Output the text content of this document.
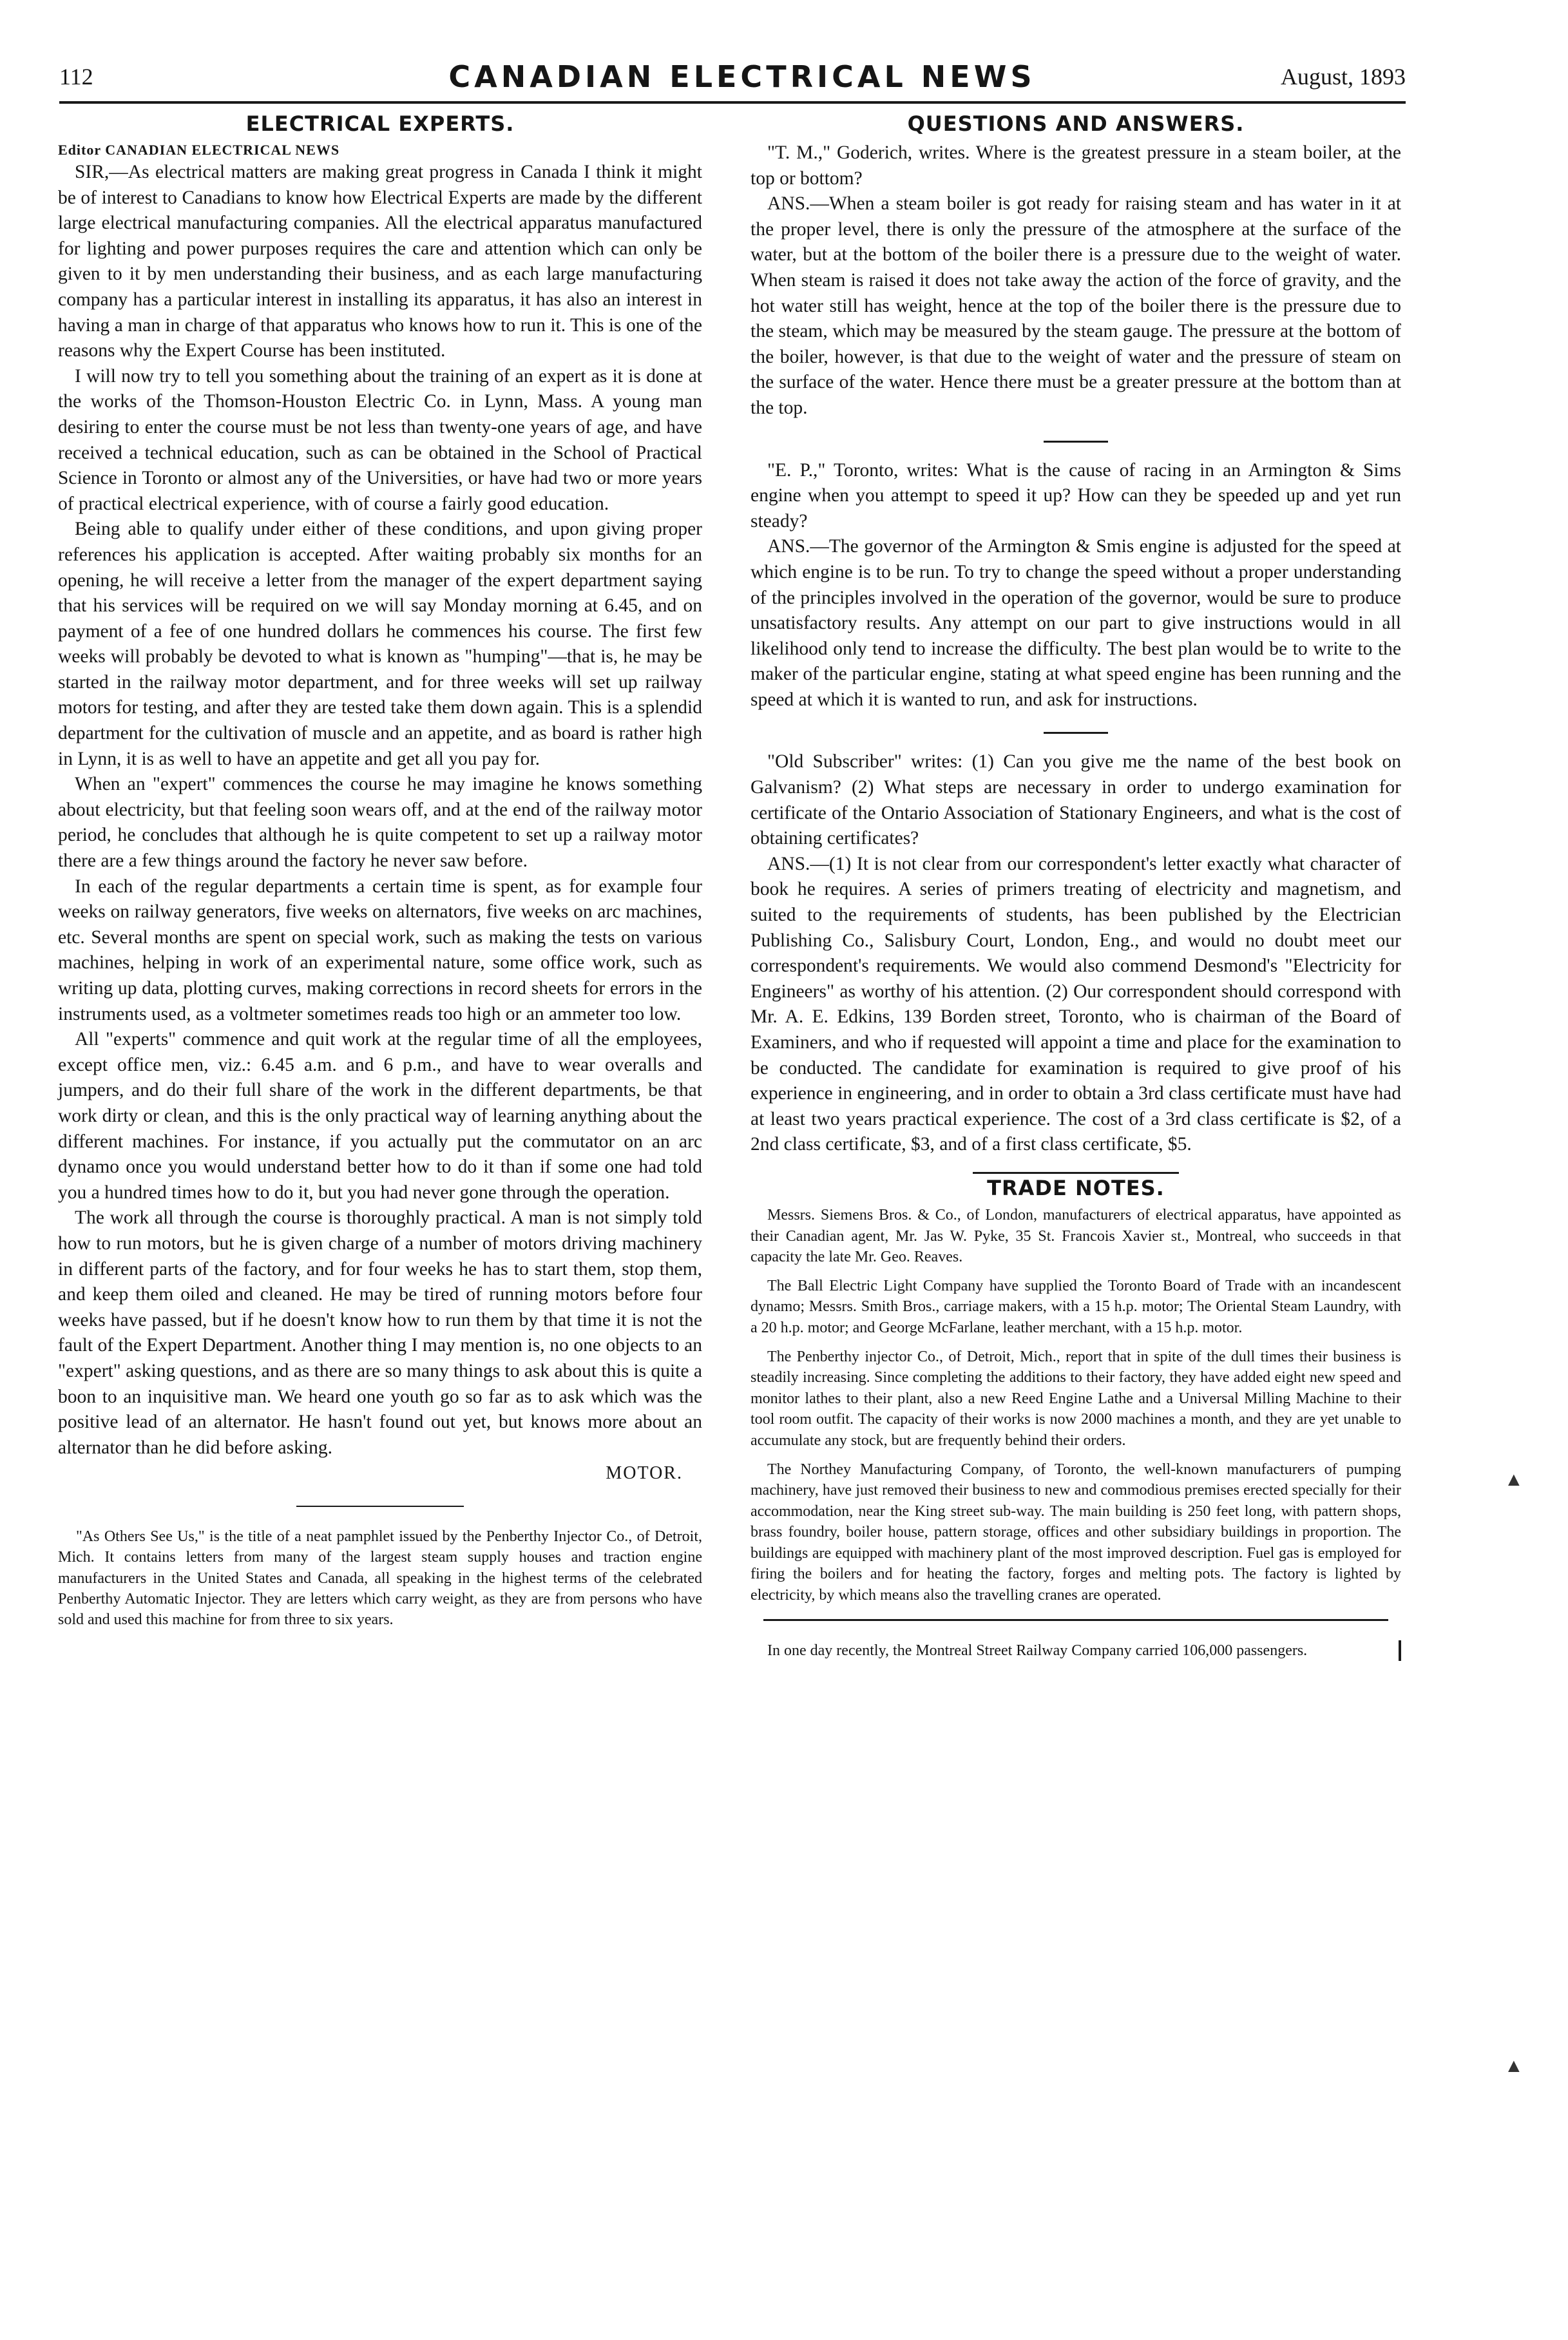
112	CANADIAN ELECTRICAL NEWS	August, 1893
ELECTRICAL EXPERTS.

Editor CANADIAN ELECTRICAL NEWS

SIR,—As electrical matters are making great progress in Canada I think it might be of interest to Canadians to know how Electrical Experts are made by the different large electrical manufacturing companies. All the electrical apparatus manufactured for lighting and power purposes requires the care and attention which can only be given to it by men understanding their business, and as each large manufacturing company has a particular interest in installing its apparatus, it has also an interest in having a man in charge of that apparatus who knows how to run it. This is one of the reasons why the Expert Course has been instituted.

I will now try to tell you something about the training of an expert as it is done at the works of the Thomson-Houston Electric Co. in Lynn, Mass. A young man desiring to enter the course must be not less than twenty-one years of age, and have received a technical education, such as can be obtained in the School of Practical Science in Toronto or almost any of the Universities, or have had two or more years of practical electrical experience, with of course a fairly good education.

Being able to qualify under either of these conditions, and upon giving proper references his application is accepted. After waiting probably six months for an opening, he will receive a letter from the manager of the expert department saying that his services will be required on we will say Monday morning at 6.45, and on payment of a fee of one hundred dollars he commences his course. The first few weeks will probably be devoted to what is known as "humping"—that is, he may be started in the railway motor department, and for three weeks will set up railway motors for testing, and after they are tested take them down again. This is a splendid department for the cultivation of muscle and an appetite, and as board is rather high in Lynn, it is as well to have an appetite and get all you pay for.

When an "expert" commences the course he may imagine he knows something about electricity, but that feeling soon wears off, and at the end of the railway motor period, he concludes that although he is quite competent to set up a railway motor there are a few things around the factory he never saw before.

In each of the regular departments a certain time is spent, as for example four weeks on railway generators, five weeks on alternators, five weeks on arc machines, etc. Several months are spent on special work, such as making the tests on various machines, helping in work of an experimental nature, some office work, such as writing up data, plotting curves, making corrections in record sheets for errors in the instruments used, as a voltmeter sometimes reads too high or an ammeter too low.

All "experts" commence and quit work at the regular time of all the employees, except office men, viz.: 6.45 a.m. and 6 p.m., and have to wear overalls and jumpers, and do their full share of the work in the different departments, be that work dirty or clean, and this is the only practical way of learning anything about the different machines. For instance, if you actually put the commutator on an arc dynamo once you would understand better how to do it than if some one had told you a hundred times how to do it, but you had never gone through the operation.

The work all through the course is thoroughly practical. A man is not simply told how to run motors, but he is given charge of a number of motors driving machinery in different parts of the factory, and for four weeks he has to start them, stop them, and keep them oiled and cleaned. He may be tired of running motors before four weeks have passed, but if he doesn't know how to run them by that time it is not the fault of the Expert Department. Another thing I may mention is, no one objects to an "expert" asking questions, and as there are so many things to ask about this is quite a boon to an inquisitive man. We heard one youth go so far as to ask which was the positive lead of an alternator. He hasn't found out yet, but knows more about an alternator than he did before asking.

MOTOR.

"As Others See Us," is the title of a neat pamphlet issued by the Penberthy Injector Co., of Detroit, Mich. It contains letters from many of the largest steam supply houses and traction engine manufacturers in the United States and Canada, all speaking in the highest terms of the celebrated Penberthy Automatic Injector. They are letters which carry weight, as they are from persons who have sold and used this machine for from three to six years.

QUESTIONS AND ANSWERS.

"T. M.," Goderich, writes. Where is the greatest pressure in a steam boiler, at the top or bottom?

ANS.—When a steam boiler is got ready for raising steam and has water in it at the proper level, there is only the pressure of the atmosphere at the surface of the water, but at the bottom of the boiler there is a pressure due to the weight of water. When steam is raised it does not take away the action of the force of gravity, and the hot water still has weight, hence at the top of the boiler there is the pressure due to the steam, which may be measured by the steam gauge. The pressure at the bottom of the boiler, however, is that due to the weight of water and the pressure of steam on the surface of the water. Hence there must be a greater pressure at the bottom than at the top.

"E. P.," Toronto, writes: What is the cause of racing in an Armington & Sims engine when you attempt to speed it up? How can they be speeded up and yet run steady?

ANS.—The governor of the Armington & Smis engine is adjusted for the speed at which engine is to be run. To try to change the speed without a proper understanding of the principles involved in the operation of the governor, would be sure to produce unsatisfactory results. Any attempt on our part to give instructions would in all likelihood only tend to increase the difficulty. The best plan would be to write to the maker of the particular engine, stating at what speed engine has been running and the speed at which it is wanted to run, and ask for instructions.

"Old Subscriber" writes: (1) Can you give me the name of the best book on Galvanism? (2) What steps are necessary in order to undergo examination for certificate of the Ontario Association of Stationary Engineers, and what is the cost of obtaining certificates?

ANS.—(1) It is not clear from our correspondent's letter exactly what character of book he requires. A series of primers treating of electricity and magnetism, and suited to the requirements of students, has been published by the Electrician Publishing Co., Salisbury Court, London, Eng., and would no doubt meet our correspondent's requirements. We would also commend Desmond's "Electricity for Engineers" as worthy of his attention. (2) Our correspondent should correspond with Mr. A. E. Edkins, 139 Borden street, Toronto, who is chairman of the Board of Examiners, and who if requested will appoint a time and place for the examination to be conducted. The candidate for examination is required to give proof of his experience in engineering, and in order to obtain a 3rd class certificate must have had at least two years practical experience. The cost of a 3rd class certificate is $2, of a 2nd class certificate, $3, and of a first class certificate, $5.

TRADE NOTES.

Messrs. Siemens Bros. & Co., of London, manufacturers of electrical apparatus, have appointed as their Canadian agent, Mr. Jas W. Pyke, 35 St. Francois Xavier st., Montreal, who succeeds in that capacity the late Mr. Geo. Reaves.

The Ball Electric Light Company have supplied the Toronto Board of Trade with an incandescent dynamo; Messrs. Smith Bros., carriage makers, with a 15 h.p. motor; The Oriental Steam Laundry, with a 20 h.p. motor; and George McFarlane, leather merchant, with a 15 h.p. motor.

The Penberthy injector Co., of Detroit, Mich., report that in spite of the dull times their business is steadily increasing. Since completing the additions to their factory, they have added eight new speed and monitor lathes to their plant, also a new Reed Engine Lathe and a Universal Milling Machine to their tool room outfit. The capacity of their works is now 2000 machines a month, and they are yet unable to accumulate any stock, but are frequently behind their orders.

The Northey Manufacturing Company, of Toronto, the well-known manufacturers of pumping machinery, have just removed their business to new and commodious premises erected specially for their accommodation, near the King street sub-way. The main building is 250 feet long, with pattern shops, brass foundry, boiler house, pattern storage, offices and other subsidiary buildings in proportion. The buildings are equipped with machinery plant of the most improved description. Fuel gas is employed for firing the boilers and for heating the factory, forges and melting pots. The factory is lighted by electricity, by which means also the travelling cranes are operated.

In one day recently, the Montreal Street Railway Company carried 106,000 passengers.

▲
▲
